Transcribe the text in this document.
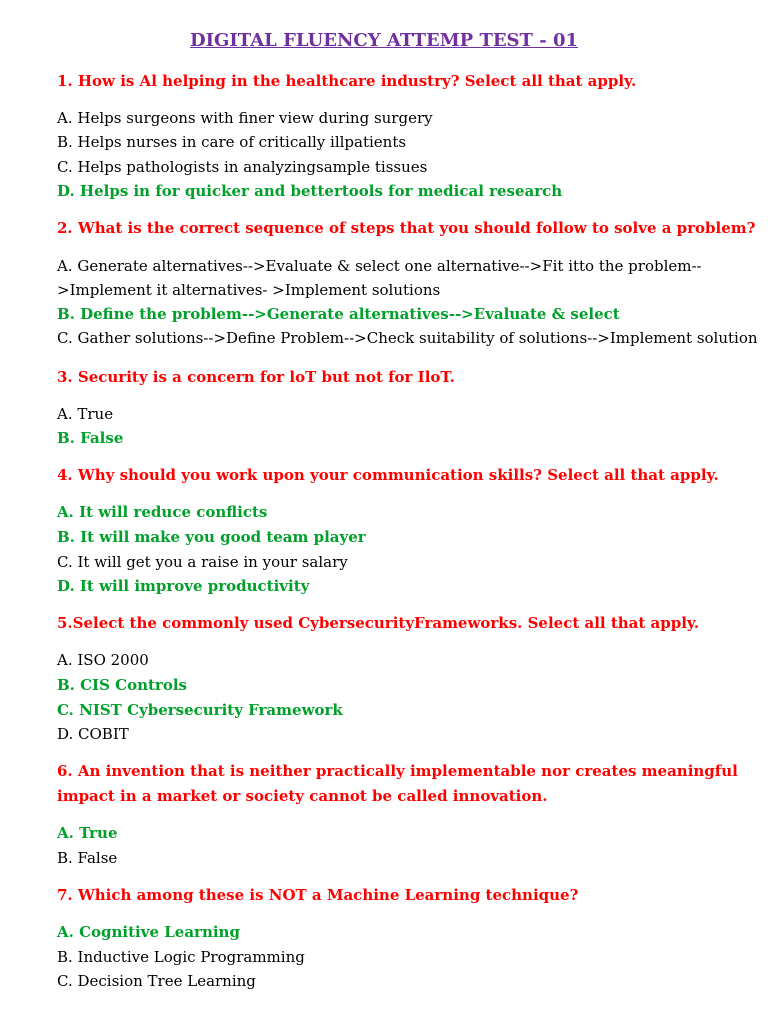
DIGITAL FLUENCY ATTEMP TEST - 01
1. How is Al helping in the healthcare industry? Select all that apply.
A. Helps surgeons with finer view during surgery
B. Helps nurses in care of critically illpatients
C. Helps pathologists in analyzingsample tissues
D. Helps in for quicker and bettertools for medical research
2. What is the correct sequence of steps that you should follow to solve a problem?
A. Generate alternatives-->Evaluate & select one alternative-->Fit itto the problem--
>Implement it alternatives- >Implement solutions
B. Define the problem-->Generate alternatives-->Evaluate & select
C. Gather solutions-->Define Problem-->Check suitability of solutions-->Implement solution
3. Security is a concern for loT but not for IloT.
A. True
B. False
4. Why should you work upon your communication skills? Select all that apply.
A. It will reduce conflicts
B. It will make you good team player
C. It will get you a raise in your salary
D. It will improve productivity
5.Select the commonly used CybersecurityFrameworks. Select all that apply.
A. ISO 2000
B. CIS Controls
C. NIST Cybersecurity Framework
D. COBIT
6. An invention that is neither practically implementable nor creates meaningful
impact in a market or society cannot be called innovation.
A. True
B. False
7. Which among these is NOT a Machine Learning technique?
A. Cognitive Learning
B. Inductive Logic Programming
C. Decision Tree Learning
